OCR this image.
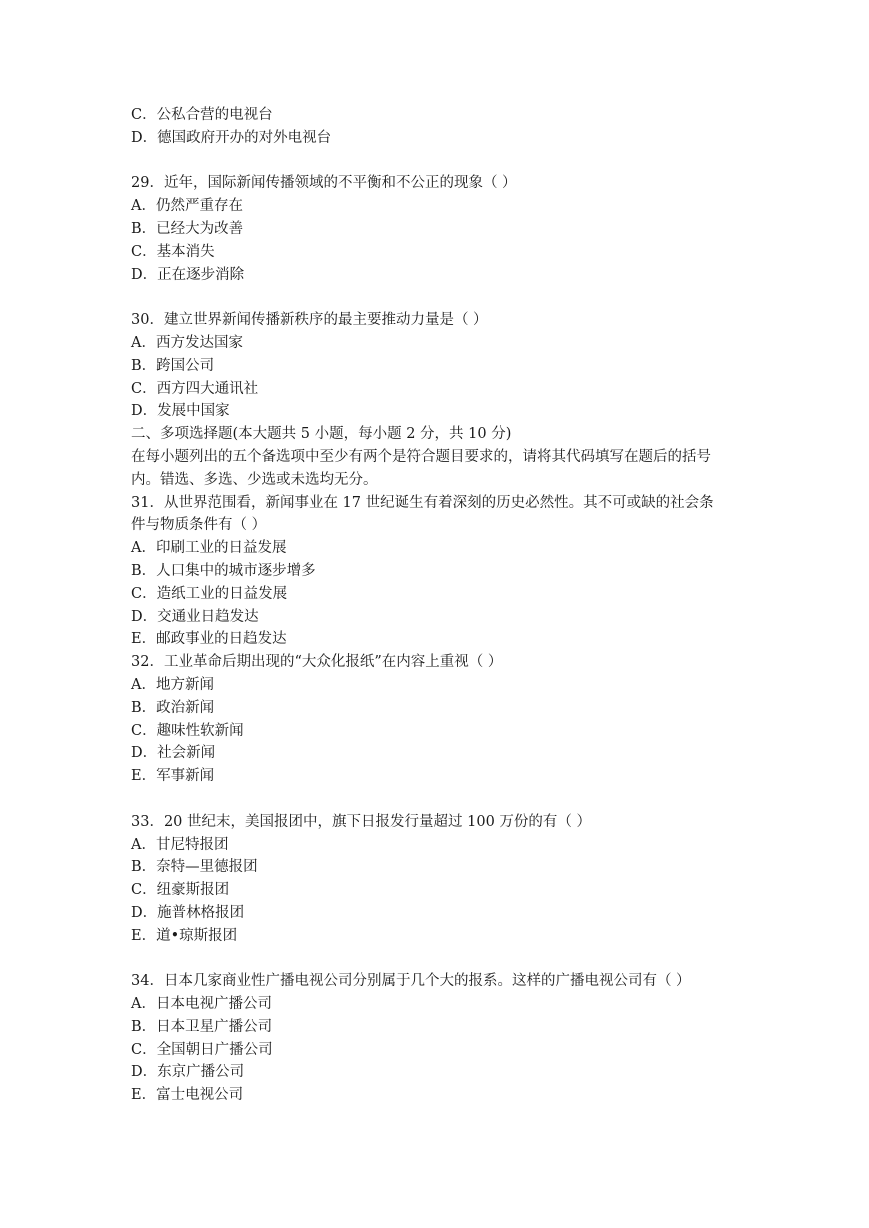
C．公私合营的电视台
D．德国政府开办的对外电视台
29．近年，国际新闻传播领域的不平衡和不公正的现象（ ）
A．仍然严重存在
B．已经大为改善
C．基本消失
D．正在逐步消除
30．建立世界新闻传播新秩序的最主要推动力量是（ ）
A．西方发达国家
B．跨国公司
C．西方四大通讯社
D．发展中国家
二、多项选择题(本大题共 5 小题，每小题 2 分，共 10 分)
在每小题列出的五个备选项中至少有两个是符合题目要求的，请将其代码填写在题后的括号
内。错选、多选、少选或未选均无分。
31．从世界范围看，新闻事业在 17 世纪诞生有着深刻的历史必然性。其不可或缺的社会条
件与物质条件有（ ）
A．印刷工业的日益发展
B．人口集中的城市逐步增多
C．造纸工业的日益发展
D．交通业日趋发达
E．邮政事业的日趋发达
32．工业革命后期出现的“大众化报纸”在内容上重视（ ）
A．地方新闻
B．政治新闻
C．趣味性软新闻
D．社会新闻
E．军事新闻
33．20 世纪末，美国报团中，旗下日报发行量超过 100 万份的有（ ）
A．甘尼特报团
B．奈特—里德报团
C．纽豪斯报团
D．施普林格报团
E．道•琼斯报团
34．日本几家商业性广播电视公司分别属于几个大的报系。这样的广播电视公司有（ ）
A．日本电视广播公司
B．日本卫星广播公司
C．全国朝日广播公司
D．东京广播公司
E．富士电视公司
